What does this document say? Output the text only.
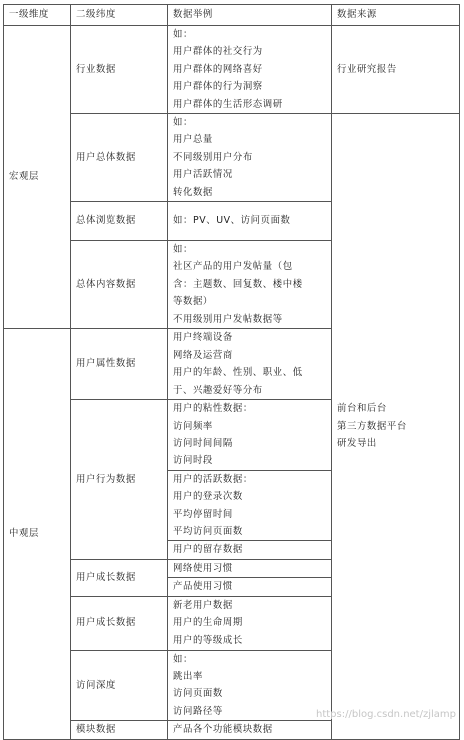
一级维度	二级纬度	数据举例	数据来源
宏观层	行业数据	如：
用户群体的社交行为
用户群体的网络喜好
用户群体的行为洞察
用户群体的生活形态调研	行业研究报告
	用户总体数据	如：
用户总量
不同级别用户分布
用户活跃情况
转化数据	前台和后台
第三方数据平台
研发导出

	总体浏览数据	如：PV、UV、访问页面数	
	总体内容数据	如：
社区产品的用户发帖量（包
含：主题数、回复数、楼中楼
等数据）
不用级别用户发帖数据等	

中观层	用户属性数据	用户终端设备
网络及运营商
用户的年龄、性别、职业、低
于、兴趣爱好等分布	

	用户行为数据	用户的粘性数据：
访问频率
访问时间间隔
访问时段	

		用户的活跃数据：
用户的登录次数
平均停留时间
平均访问页面数	

		用户的留存数据	
	用户成长数据	网络使用习惯	
		产品使用习惯	
	用户成长数据	新老用户数据
用户的生命周期
用户的等级成长	

	访问深度	如：
跳出率
访问页面数
访问路径等	

	模块数据	产品各个功能模块数据	
https://blog.csdn.net/zjlamp
